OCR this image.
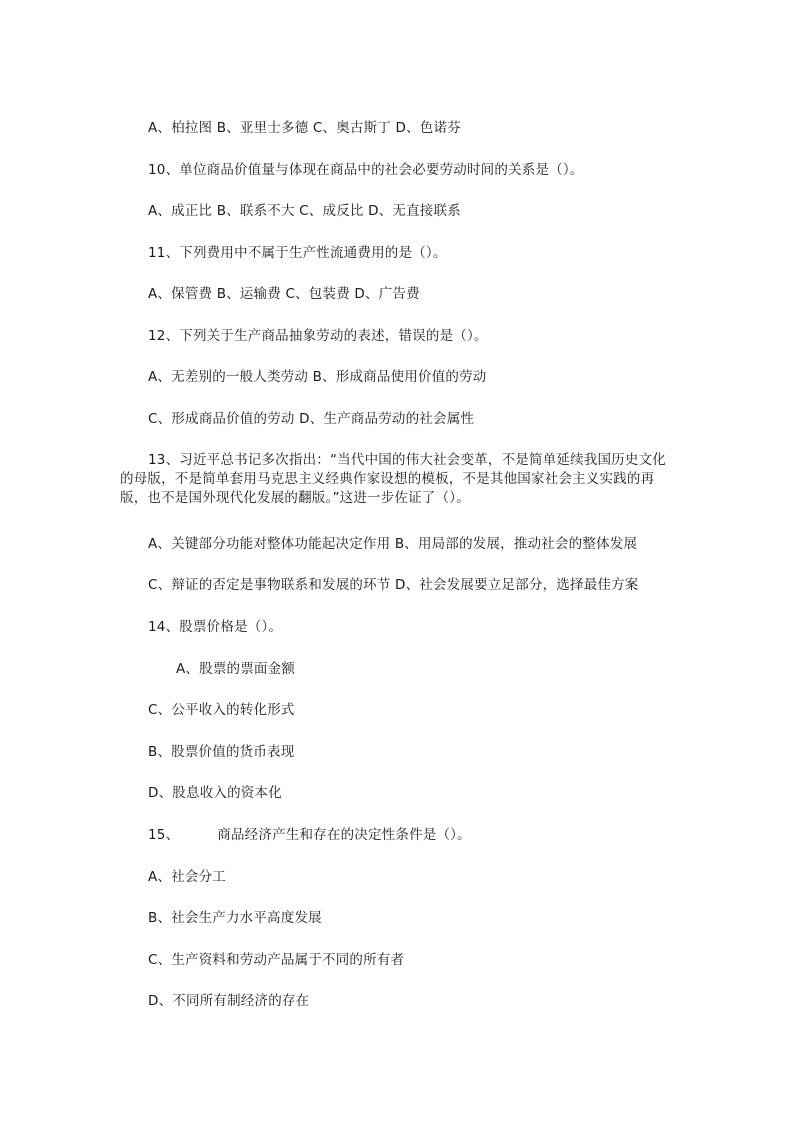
A、柏拉图 B、亚里士多德 C、奥古斯丁 D、色诺芬
10、单位商品价值量与体现在商品中的社会必要劳动时间的关系是（）。
A、成正比 B、联系不大 C、成反比 D、无直接联系
11、下列费用中不属于生产性流通费用的是（）。
A、保管费 B、运输费 C、包装费 D、广告费
12、下列关于生产商品抽象劳动的表述，错误的是（）。
A、无差别的一般人类劳动 B、形成商品使用价值的劳动
C、形成商品价值的劳动 D、生产商品劳动的社会属性
13、习近平总书记多次指出：“当代中国的伟大社会变革，不是简单延续我国历史文化的母版，不是简单套用马克思主义经典作家设想的模板，不是其他国家社会主义实践的再版，也不是国外现代化发展的翻版。”这进一步佐证了（）。
A、关键部分功能对整体功能起决定作用 B、用局部的发展，推动社会的整体发展
C、辩证的否定是事物联系和发展的环节 D、社会发展要立足部分，选择最佳方案
14、股票价格是（）。
A、股票的票面金额
C、公平收入的转化形式
B、股票价值的货币表现
D、股息收入的资本化
15、	商品经济产生和存在的决定性条件是（）。
A、社会分工
B、社会生产力水平高度发展
C、生产资料和劳动产品属于不同的所有者
D、不同所有制经济的存在
